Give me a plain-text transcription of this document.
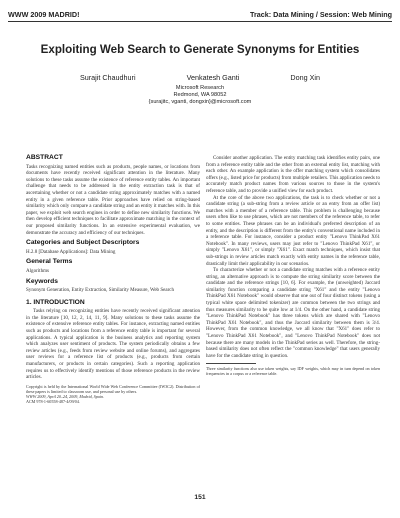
WWW 2009 MADRID!	Track: Data Mining / Session: Web Mining
Exploiting Web Search to Generate Synonyms for Entities
Surajit Chaudhuri	Venkatesh Ganti	Dong Xin
Microsoft Research
Redmond, WA 98052
{surajitc, vganti, dongxin}@microsoft.com
ABSTRACT

Tasks recognizing named entities such as products, people names, or locations from documents have recently received significant attention in the literature. Many solutions to these tasks assume the existence of reference entity tables. An important challenge that needs to be addressed in the entity extraction task is that of ascertaining whether or not a candidate string approximately matches with a named entity in a given reference table. Prior approaches have relied on string-based similarity which only compare a candidate string and an entity it matches with. In this paper, we exploit web search engines in order to define new similarity functions. We then develop efficient techniques to facilitate approximate matching in the context of our proposed similarity functions. In an extensive experimental evaluation, we demonstrate the accuracy and efficiency of our techniques.

Categories and Subject Descriptors

H.2.8 [Database Applications]: Data Mining

General Terms

Algorithms

Keywords

Synonym Generation, Entity Extraction, Similarity Measure, Web Search

1. INTRODUCTION

Tasks relying on recognizing entities have recently received significant attention in the literature [10, 12, 2, 14, 11, 9]. Many solutions to these tasks assume the existence of extensive reference entity tables. For instance, extracting named entities such as products and locations from a reference entity table is important for several applications. A typical application is the business analytics and reporting system which analyzes user sentiment of products. The system periodically obtains a few review articles (e.g., feeds from review website and online forums), and aggregates user reviews for a reference list of products (e.g., products from certain manufacturers, or products in certain categories). Such a reporting application requires us to effectively identify mentions of those reference products in the review articles.

Copyright is held by the International World Wide Web Conference Committee (IW3C2). Distribution of these papers is limited to classroom use, and personal use by others.
WWW 2009, April 20–24, 2009, Madrid, Spain.
ACM 978-1-60558-487-4/09/04.

Consider another application. The entity matching task identifies entity pairs, one from a reference entity table and the other from an external entity list, matching with each other. An example application is the offer matching system which consolidates offers (e.g., listed price for products) from multiple retailers. This application needs to accurately match product names from various sources to those in the system's reference table, and to provide a unified view for each product.

At the core of the above two applications, the task is to check whether or not a candidate string (a sub-string from a review article or an entry from an offer list) matches with a member of a reference table. This problem is challenging because users often like to use phrases, which are not members of the reference table, to refer to some entities. These phrases can be an individual's preferred description of an entity, and the description is different from the entity's conventional name included in a reference table. For instance, consider a product entity "Lenovo ThinkPad X61 Notebook". In many reviews, users may just refer to "Lenovo ThinkPad X61", or simply "Lenovo X61", or simply "X61". Exact match techniques, which insist that sub-strings in review articles match exactly with entity names in the reference table, drastically limit their applicability in our scenarios.

To characterize whether or not a candidate string matches with a reference entity string, an alternative approach is to compute the string similarity score between the candidate and the reference strings [10, 6]. For example, the (unweighted) Jaccard similarity function comparing a candidate string "X61" and the entity "Lenovo ThinkPad X61 Notebook" would observe that one out of four distinct tokens (using a typical white space delimited tokenizer) are common between the two strings and thus measures similarity to be quite low at 1/4. On the other hand, a candidate string "Lenovo ThinkPad Notebook" has three tokens which are shared with "Lenovo ThinkPad X61 Notebook", and thus the Jaccard similarity between them is 3/4. However, from the common knowledge, we all know that "X61" does refer to "Lenovo ThinkPad X61 Notebook", and "Lenovo ThinkPad Notebook" does not because there are many models in the ThinkPad series as well. Therefore, the string-based similarity does not often reflect the "common knowledge" that users generally have for the candidate string in question.

Three similarity functions also use token weights, say IDF weights, which may in turn depend on token frequencies in a corpus or a reference table.
151
